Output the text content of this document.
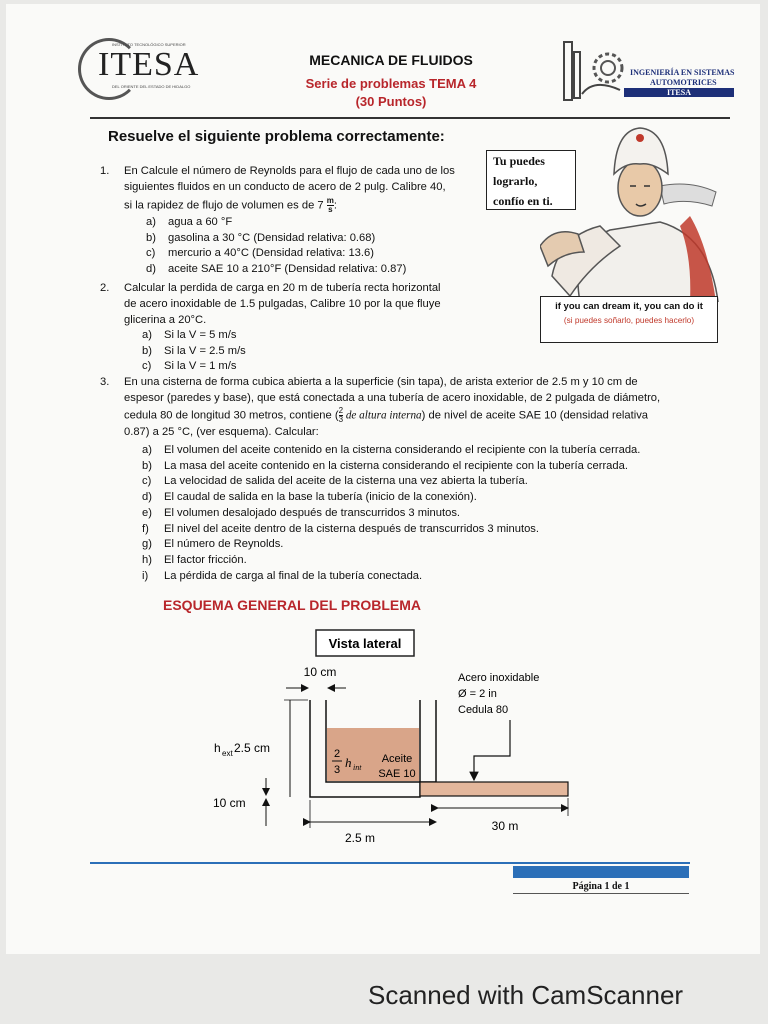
INSTITUTO TECNOLÓGICO SUPERIOR
ITESA
DEL ORIENTE DEL ESTADO DE HIDALGO
MECANICA DE FLUIDOS
Serie de problemas TEMA 4
(30 Puntos)
INGENIERÍA EN SISTEMAS
AUTOMOTRICES
ITESA
Resuelve el siguiente problema correctamente:
1. En Calcule el número de Reynolds para el flujo de cada uno de los
siguientes fluidos en un conducto de acero de 2 pulg. Calibre 40,
si la rapidez de flujo de volumen es de $7 \frac{m}{s}$ :
a) agua a 60 °F
b) gasolina a 30 °C (Densidad relativa: 0.68)
c) mercurio a 40°C (Densidad relativa: 13.6)
d) aceite SAE 10 a 210°F (Densidad relativa: 0.87)
2. Calcular la perdida de carga en 20 m de tubería recta horizontal
de acero inoxidable de 1.5 pulgadas, Calibre 10 por la que fluye
glicerina a 20°C.
a) Si la V = 5 m/s
b) Si la V = 2.5 m/s
c) Si la V = 1 m/s
3. En una cisterna de forma cubica abierta a la superficie (sin tapa), de arista exterior de 2.5 m y 10 cm de
espesor (paredes y base), que está conectada a una tubería de acero inoxidable, de 2 pulgada de diámetro,
cedula 80 de longitud 30 metros, contiene ( $\frac{2}{3}$ de altura interna) de nivel de aceite SAE 10 (densidad relativa
0.87) a 25 °C, (ver esquema). Calcular:
a) El volumen del aceite contenido en la cisterna considerando el recipiente con la tubería cerrada.
b) La masa del aceite contenido en la cisterna considerando el recipiente con la tubería cerrada.
c) La velocidad de salida del aceite de la cisterna una vez abierta la tubería.
d) El caudal de salida en la base la tubería (inicio de la conexión).
e) El volumen desalojado después de transcurridos 3 minutos.
f) El nivel del aceite dentro de la cisterna después de transcurridos 3 minutos.
g) El número de Reynolds.
h) El factor fricción.
i) La pérdida de carga al final de la tubería conectada.
Tu puedes
lograrlo,
confío en ti.
if you can dream it, you can do it
(si puedes soñarlo, puedes hacerlo)
ESQUEMA GENERAL DEL PROBLEMA
Vista lateral
2
3 h int
Aceite
SAE 10
10 cm
h ext 2.5 cm
10 cm
2.5 m
30 m
Acero inoxidable
Ø = 2 in
Cedula 80
Página 1 de 1
Scanned with CamScanner
